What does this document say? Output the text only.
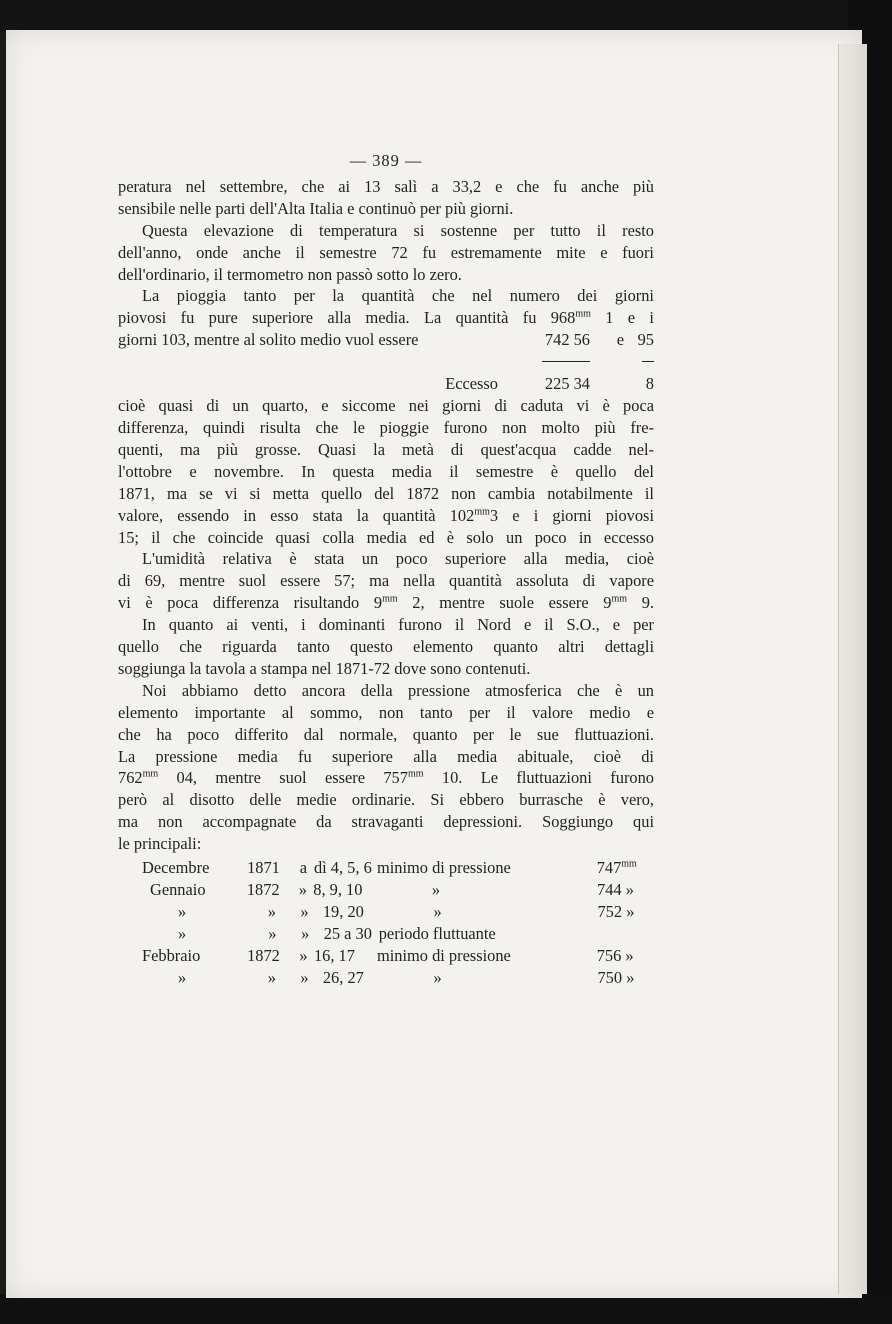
— 389 —
peratura nel settembre, che ai 13 salì a 33,2 e che fu anche più
sensibile nelle parti dell'Alta Italia e continuò per più giorni.
Questa elevazione di temperatura si sostenne per tutto il resto
dell'anno, onde anche il semestre 72 fu estremamente mite e fuori
dell'ordinario, il termometro non passò sotto lo zero.
La pioggia tanto per la quantità che nel numero dei giorni
piovosi fu pure superiore alla media. La quantità fu $968^{mm}$ 1 e i
giorni 103, mentre al solito medio vuol essere	742 56	e 95
Eccesso	225 34	8
cioè quasi di un quarto, e siccome nei giorni di caduta vi è poca
differenza, quindi risulta che le pioggie furono non molto più fre-
quenti, ma più grosse. Quasi la metà di quest'acqua cadde nel-
l'ottobre e novembre. In questa media il semestre è quello del
1871, ma se vi si metta quello del 1872 non cambia notabilmente il
valore, essendo in esso stata la quantità $102^{mm}3$ e i giorni piovosi
15; il che coincide quasi colla media ed è solo un poco in eccesso
L'umidità relativa è stata un poco superiore alla media, cioè
di 69, mentre suol essere 57; ma nella quantità assoluta di vapore
vi è poca differenza risultando $9^{mm}$ 2, mentre suole essere $9^{mm}$ 9.
In quanto ai venti, i dominanti furono il Nord e il S.O., e per
quello che riguarda tanto questo elemento quanto altri dettagli
soggiunga la tavola a stampa nel 1871-72 dove sono contenuti.
Noi abbiamo detto ancora della pressione atmosferica che è un
elemento importante al sommo, non tanto per il valore medio e
che ha poco differito dal normale, quanto per le sue fluttuazioni.
La pressione media fu superiore alla media abituale, cioè di
$762^{mm}$ 04, mentre suol essere $757^{mm}$ 10. Le fluttuazioni furono
però al disotto delle medie ordinarie. Si ebbero burrasche è vero,
ma non accompagnate da stravaganti depressioni. Soggiungo qui
le principali:
Decembre	1871	a dì 4, 5, 6 minimo di pressione	$747^{mm}$
Gennaio	1872	» 8, 9, 10	»	744 »
»	»	» 19, 20	»	752 »
»	»	» 25 a 30 periodo fluttuante

Febbraio	1872	» 16, 17	minimo di pressione	756 »
»	»	» 26, 27	»	750 »
